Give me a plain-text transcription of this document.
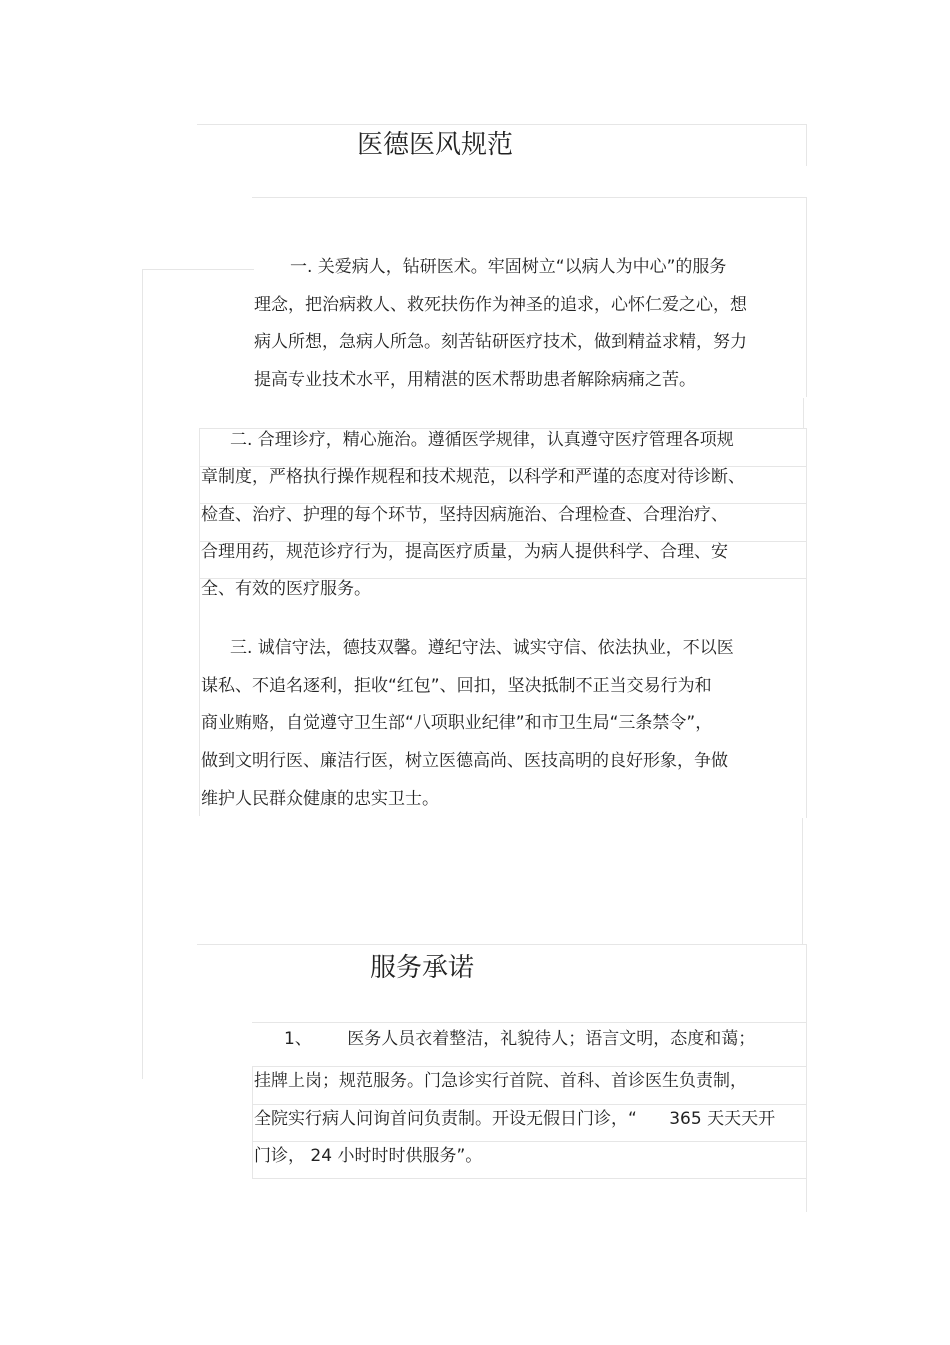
医德医风规范

一. 关爱病人，钻研医术。牢固树立“以病人为中心”的服务

理念，把治病救人、救死扶伤作为神圣的追求，心怀仁爱之心，想

病人所想，急病人所急。刻苦钻研医疗技术，做到精益求精，努力

提高专业技术水平，用精湛的医术帮助患者解除病痛之苦。

二. 合理诊疗，精心施治。遵循医学规律，认真遵守医疗管理各项规

章制度，严格执行操作规程和技术规范，以科学和严谨的态度对待诊断、

检查、治疗、护理的每个环节，坚持因病施治、合理检查、合理治疗、

合理用药，规范诊疗行为，提高医疗质量，为病人提供科学、合理、安

全、有效的医疗服务。

三. 诚信守法，德技双馨。遵纪守法、诚实守信、依法执业，不以医

谋私、不追名逐利，拒收“红包”、回扣，坚决抵制不正当交易行为和

商业贿赂，自觉遵守卫生部“八项职业纪律”和市卫生局“三条禁令”，

做到文明行医、廉洁行医，树立医德高尚、医技高明的良好形象，争做

维护人民群众健康的忠实卫士。

服务承诺

1、 医务人员衣着整洁，礼貌待人；语言文明，态度和蔼；

挂牌上岗；规范服务。门急诊实行首院、首科、首诊医生负责制，

全院实行病人问询首问负责制。开设无假日门诊，“      365 天天天开

门诊， 24 小时时时供服务”。
